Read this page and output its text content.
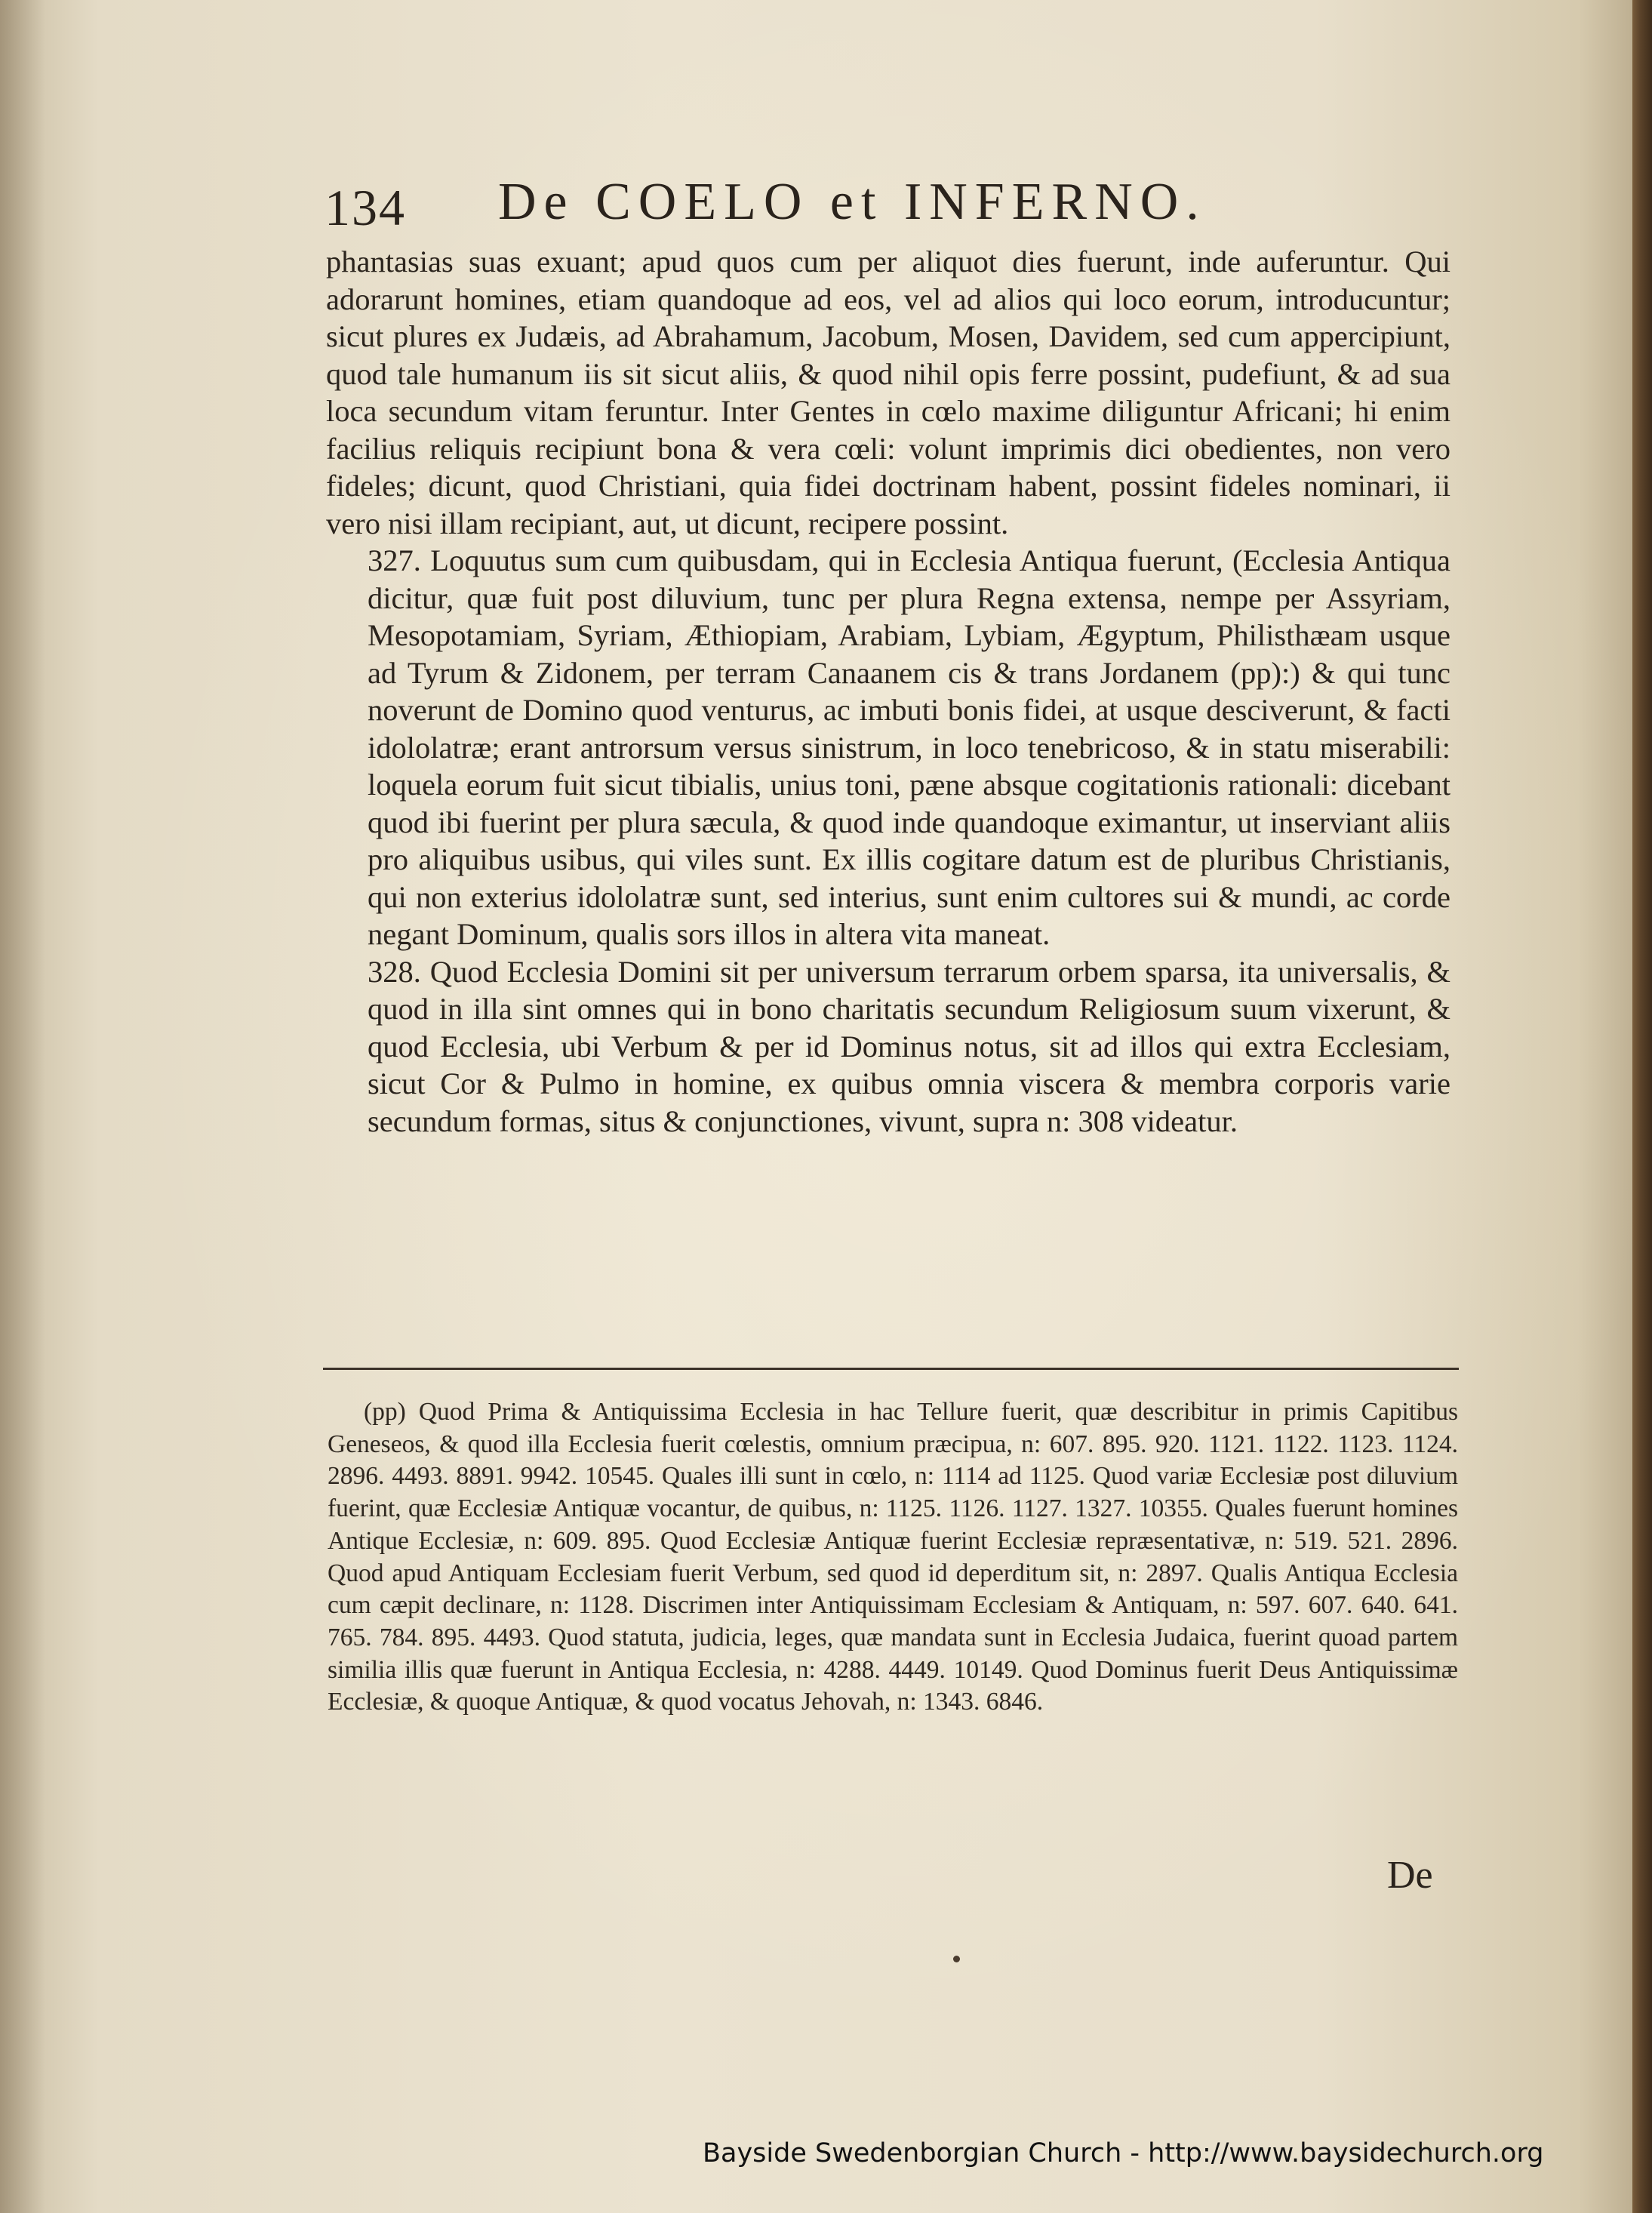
134 De COELO et INFERNO.

phantasias suas exuant; apud quos cum per aliquot dies fuerunt, inde auferuntur. Qui adorarunt homines, etiam quandoque ad eos, vel ad alios qui loco eorum, introducuntur; sicut plures ex Judæis, ad Abrahamum, Jacobum, Mosen, Davidem, sed cum appercipiunt, quod tale humanum iis sit sicut aliis, & quod nihil opis ferre possint, pudefiunt, & ad sua loca secundum vitam feruntur. Inter Gentes in cœlo maxime diliguntur Africani; hi enim facilius reliquis recipiunt bona & vera cœli: volunt imprimis dici obedientes, non vero fideles; dicunt, quod Christiani, quia fidei doctrinam habent, possint fideles nominari, ii vero nisi illam recipiant, aut, ut dicunt, recipere possint.

327. Loquutus sum cum quibusdam, qui in Ecclesia Antiqua fuerunt, (Ecclesia Antiqua dicitur, quæ fuit post diluvium, tunc per plura Regna extensa, nempe per Assyriam, Mesopotamiam, Syriam, Æthiopiam, Arabiam, Lybiam, Ægyptum, Philisthæam usque ad Tyrum & Zidonem, per terram Canaanem cis & trans Jordanem (pp):) & qui tunc noverunt de Domino quod venturus, ac imbuti bonis fidei, at usque desciverunt, & facti idololatræ; erant antrorsum versus sinistrum, in loco tenebricoso, & in statu miserabili: loquela eorum fuit sicut tibialis, unius toni, pæne absque cogitationis rationali: dicebant quod ibi fuerint per plura sæcula, & quod inde quandoque eximantur, ut inserviant aliis pro aliquibus usibus, qui viles sunt. Ex illis cogitare datum est de pluribus Christianis, qui non exterius idololatræ sunt, sed interius, sunt enim cultores sui & mundi, ac corde negant Dominum, qualis sors illos in altera vita maneat.

328. Quod Ecclesia Domini sit per universum terrarum orbem sparsa, ita universalis, & quod in illa sint omnes qui in bono charitatis secundum Religiosum suum vixerunt, & quod Ecclesia, ubi Verbum & per id Dominus notus, sit ad illos qui extra Ecclesiam, sicut Cor & Pulmo in homine, ex quibus omnia viscera & membra corporis varie secundum formas, situs & conjunctiones, vivunt, supra n: 308 videatur.

(pp) Quod Prima & Antiquissima Ecclesia in hac Tellure fuerit, quæ describitur in primis Capitibus Geneseos, & quod illa Ecclesia fuerit cœlestis, omnium præcipua, n: 607. 895. 920. 1121. 1122. 1123. 1124. 2896. 4493. 8891. 9942. 10545. Quales illi sunt in cœlo, n: 1114 ad 1125. Quod variæ Ecclesiæ post diluvium fuerint, quæ Ecclesiæ Antiquæ vocantur, de quibus, n: 1125. 1126. 1127. 1327. 10355. Quales fuerunt homines Antique Ecclesiæ, n: 609. 895. Quod Ecclesiæ Antiquæ fuerint Ecclesiæ repræsentativæ, n: 519. 521. 2896. Quod apud Antiquam Ecclesiam fuerit Verbum, sed quod id deperditum sit, n: 2897. Qualis Antiqua Ecclesia cum cæpit declinare, n: 1128. Discrimen inter Antiquissimam Ecclesiam & Antiquam, n: 597. 607. 640. 641. 765. 784. 895. 4493. Quod statuta, judicia, leges, quæ mandata sunt in Ecclesia Judaica, fuerint quoad partem similia illis quæ fuerunt in Antiqua Ecclesia, n: 4288. 4449. 10149. Quod Dominus fuerit Deus Antiquissimæ Ecclesiæ, & quoque Antiquæ, & quod vocatus Jehovah, n: 1343. 6846.

De
Bayside Swedenborgian Church - http://www.baysidechurch.org
